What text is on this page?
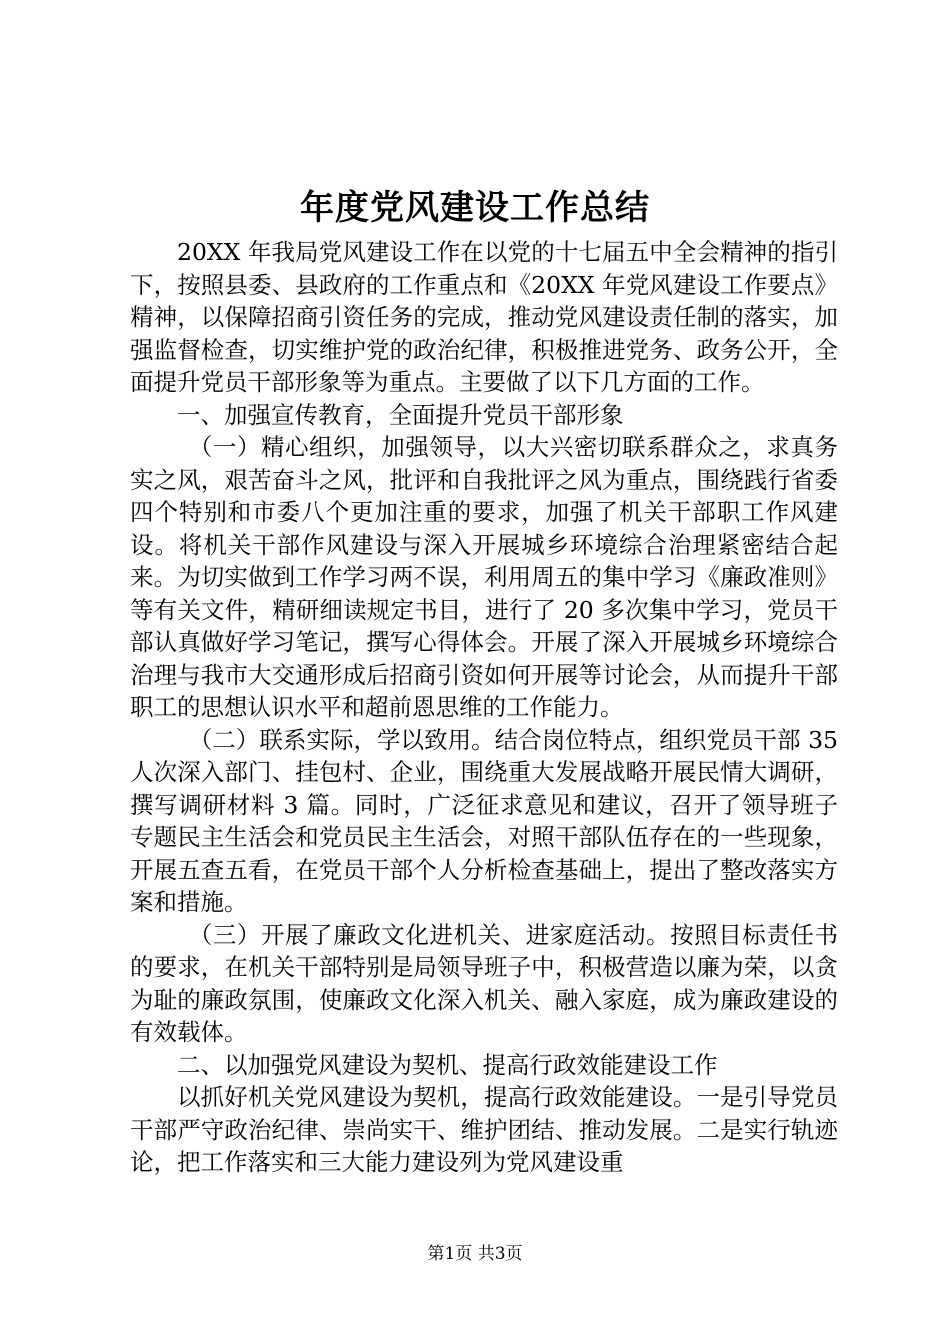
年度党风建设工作总结

20XX 年我局党风建设工作在以党的十七届五中全会精神的指引下，按照县委、县政府的工作重点和《20XX 年党风建设工作要点》精神，以保障招商引资任务的完成，推动党风建设责任制的落实，加强监督检查，切实维护党的政治纪律，积极推进党务、政务公开，全面提升党员干部形象等为重点。主要做了以下几方面的工作。

一、加强宣传教育，全面提升党员干部形象

（一）精心组织，加强领导，以大兴密切联系群众之，求真务实之风，艰苦奋斗之风，批评和自我批评之风为重点，围绕践行省委四个特别和市委八个更加注重的要求，加强了机关干部职工作风建设。将机关干部作风建设与深入开展城乡环境综合治理紧密结合起来。为切实做到工作学习两不误，利用周五的集中学习《廉政准则》等有关文件，精研细读规定书目，进行了 20 多次集中学习，党员干部认真做好学习笔记，撰写心得体会。开展了深入开展城乡环境综合治理与我市大交通形成后招商引资如何开展等讨论会，从而提升干部职工的思想认识水平和超前恩思维的工作能力。

（二）联系实际，学以致用。结合岗位特点，组织党员干部 35 人次深入部门、挂包村、企业，围绕重大发展战略开展民情大调研，撰写调研材料 3 篇。同时，广泛征求意见和建议，召开了领导班子专题民主生活会和党员民主生活会，对照干部队伍存在的一些现象，开展五查五看，在党员干部个人分析检查基础上，提出了整改落实方案和措施。

（三）开展了廉政文化进机关、进家庭活动。按照目标责任书的要求，在机关干部特别是局领导班子中，积极营造以廉为荣，以贪为耻的廉政氛围，使廉政文化深入机关、融入家庭，成为廉政建设的有效载体。

二、以加强党风建设为契机、提高行政效能建设工作

以抓好机关党风建设为契机，提高行政效能建设。一是引导党员干部严守政治纪律、崇尚实干、维护团结、推动发展。二是实行轨迹论，把工作落实和三大能力建设列为党风建设重

第1页 共3页
